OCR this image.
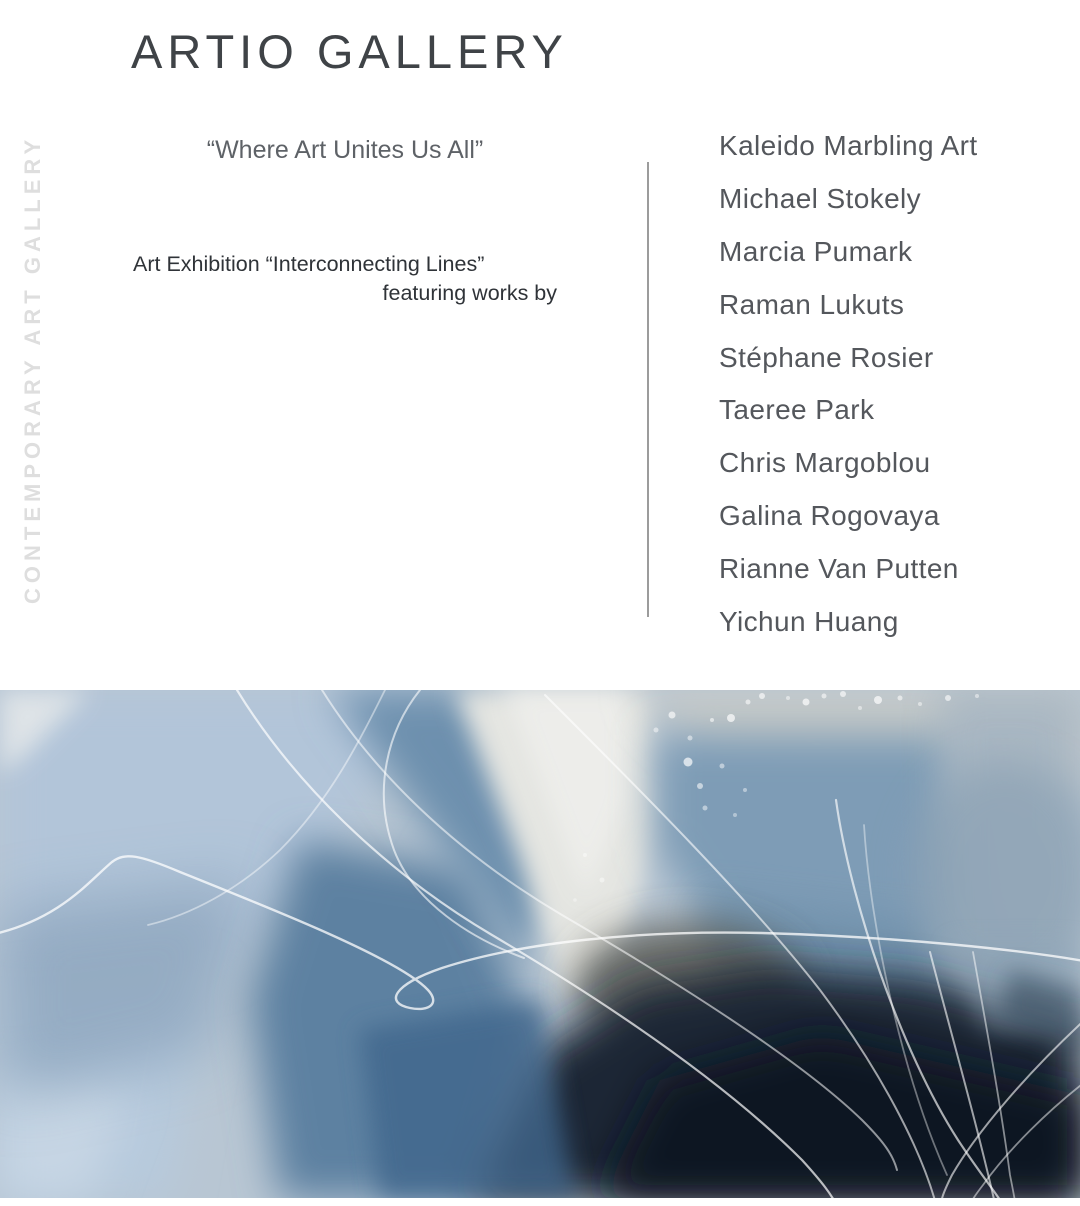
ARTIO GALLERY
CONTEMPORARY ART GALLERY	“Where Art Unites Us All”
Art Exhibition “Interconnecting Lines”
featuring works by
Kaleido Marbling Art
Michael Stokely
Marcia Pumark
Raman Lukuts
Stéphane Rosier
Taeree Park
Chris Margoblou
Galina Rogovaya
Rianne Van Putten
Yichun Huang
